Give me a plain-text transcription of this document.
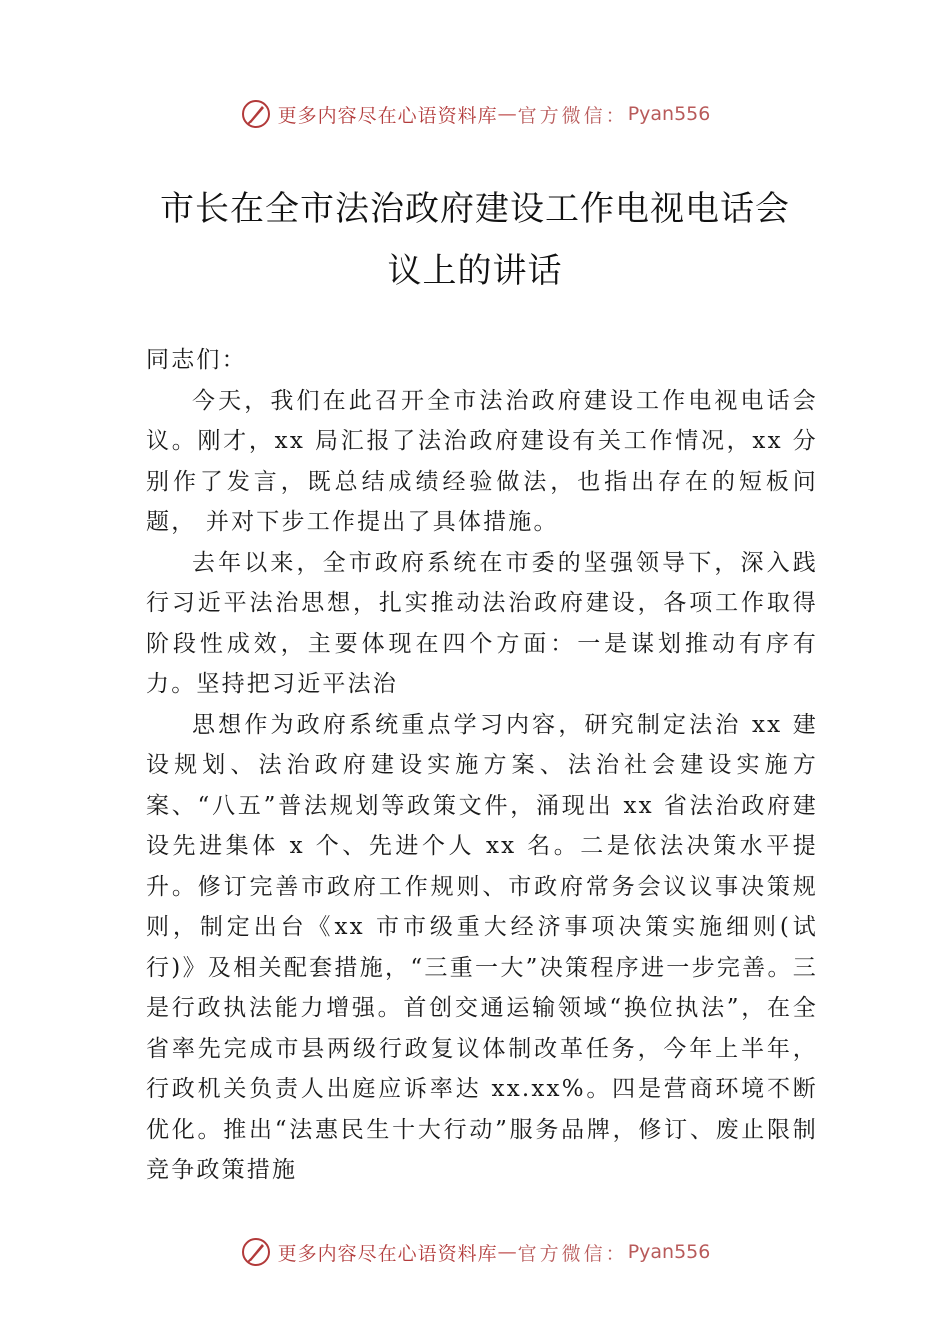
更多内容尽在心语资料库 — 官方微信： Pyan556
市长在全市法治政府建设工作电视电话会
议上的讲话

同志们：

今天，我们在此召开全市法治政府建设工作电视电话会议。刚才，xx 局汇报了法治政府建设有关工作情况，xx 分别作了发言，既总结成绩经验做法，也指出存在的短板问题， 并对下步工作提出了具体措施。

去年以来，全市政府系统在市委的坚强领导下，深入践行习近平法治思想，扎实推动法治政府建设，各项工作取得阶段性成效，主要体现在四个方面：一是谋划推动有序有力。坚持把习近平法治

思想作为政府系统重点学习内容，研究制定法治 xx 建设规划、法治政府建设实施方案、法治社会建设实施方案、“八五”普法规划等政策文件，涌现出 xx 省法治政府建设先进集体 x 个、先进个人 xx 名。二是依法决策水平提升。修订完善市政府工作规则、市政府常务会议议事决策规则，制定出台《xx 市市级重大经济事项决策实施细则(试行)》及相关配套措施，“三重一大”决策程序进一步完善。三是行政执法能力增强。首创交通运输领域“换位执法”，在全省率先完成市县两级行政复议体制改革任务，今年上半年，行政机关负责人出庭应诉率达 xx.xx%。四是营商环境不断优化。推出“法惠民生十大行动”服务品牌，修订、废止限制竞争政策措施

更多内容尽在心语资料库 — 官方微信： Pyan556
